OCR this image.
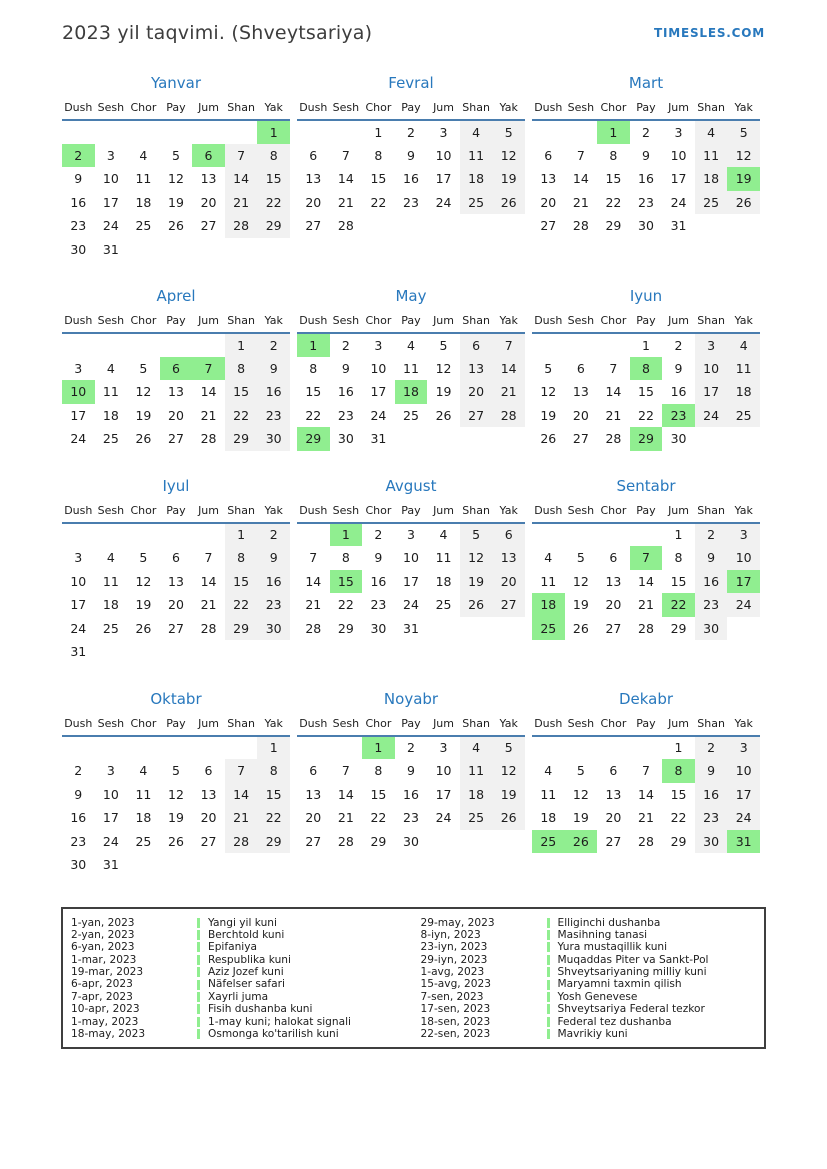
2023 yil taqvimi. (Shveytsariya)	TIMESLES.COM
Yanvar
Dush	Sesh	Chor	Pay	Jum	Shan	Yak
						1
2	3	4	5	6	7	8
9	10	11	12	13	14	15
16	17	18	19	20	21	22
23	24	25	26	27	28	29
30	31					
Fevral
Dush	Sesh	Chor	Pay	Jum	Shan	Yak
		1	2	3	4	5
6	7	8	9	10	11	12
13	14	15	16	17	18	19
20	21	22	23	24	25	26
27	28					
Mart
Dush	Sesh	Chor	Pay	Jum	Shan	Yak
		1	2	3	4	5
6	7	8	9	10	11	12
13	14	15	16	17	18	19
20	21	22	23	24	25	26
27	28	29	30	31		
Aprel
Dush	Sesh	Chor	Pay	Jum	Shan	Yak
					1	2
3	4	5	6	7	8	9
10	11	12	13	14	15	16
17	18	19	20	21	22	23
24	25	26	27	28	29	30
May
Dush	Sesh	Chor	Pay	Jum	Shan	Yak
1	2	3	4	5	6	7
8	9	10	11	12	13	14
15	16	17	18	19	20	21
22	23	24	25	26	27	28
29	30	31				
Iyun
Dush	Sesh	Chor	Pay	Jum	Shan	Yak
			1	2	3	4
5	6	7	8	9	10	11
12	13	14	15	16	17	18
19	20	21	22	23	24	25
26	27	28	29	30		
Iyul
Dush	Sesh	Chor	Pay	Jum	Shan	Yak
					1	2
3	4	5	6	7	8	9
10	11	12	13	14	15	16
17	18	19	20	21	22	23
24	25	26	27	28	29	30
31						
Avgust
Dush	Sesh	Chor	Pay	Jum	Shan	Yak
	1	2	3	4	5	6
7	8	9	10	11	12	13
14	15	16	17	18	19	20
21	22	23	24	25	26	27
28	29	30	31			
Sentabr
Dush	Sesh	Chor	Pay	Jum	Shan	Yak
				1	2	3
4	5	6	7	8	9	10
11	12	13	14	15	16	17
18	19	20	21	22	23	24
25	26	27	28	29	30	
Oktabr
Dush	Sesh	Chor	Pay	Jum	Shan	Yak
						1
2	3	4	5	6	7	8
9	10	11	12	13	14	15
16	17	18	19	20	21	22
23	24	25	26	27	28	29
30	31					
Noyabr
Dush	Sesh	Chor	Pay	Jum	Shan	Yak
		1	2	3	4	5
6	7	8	9	10	11	12
13	14	15	16	17	18	19
20	21	22	23	24	25	26
27	28	29	30			
Dekabr
Dush	Sesh	Chor	Pay	Jum	Shan	Yak
				1	2	3
4	5	6	7	8	9	10
11	12	13	14	15	16	17
18	19	20	21	22	23	24
25	26	27	28	29	30	31
1-yan, 2023	Yangi yil kuni
2-yan, 2023	Berchtold kuni
6-yan, 2023	Epifaniya
1-mar, 2023	Respublika kuni
19-mar, 2023	Aziz Jozef kuni
6-apr, 2023	Näfelser safari
7-apr, 2023	Xayrli juma
10-apr, 2023	Fisih dushanba kuni
1-may, 2023	1-may kuni; halokat signali
18-may, 2023	Osmonga ko'tarilish kuni
29-may, 2023	Elliginchi dushanba
8-iyn, 2023	Masihning tanasi
23-iyn, 2023	Yura mustaqillik kuni
29-iyn, 2023	Muqaddas Piter va Sankt-Pol
1-avg, 2023	Shveytsariyaning milliy kuni
15-avg, 2023	Maryamni taxmin qilish
7-sen, 2023	Yosh Genevese
17-sen, 2023	Shveytsariya Federal tezkor
18-sen, 2023	Federal tez dushanba
22-sen, 2023	Mavrikiy kuni
